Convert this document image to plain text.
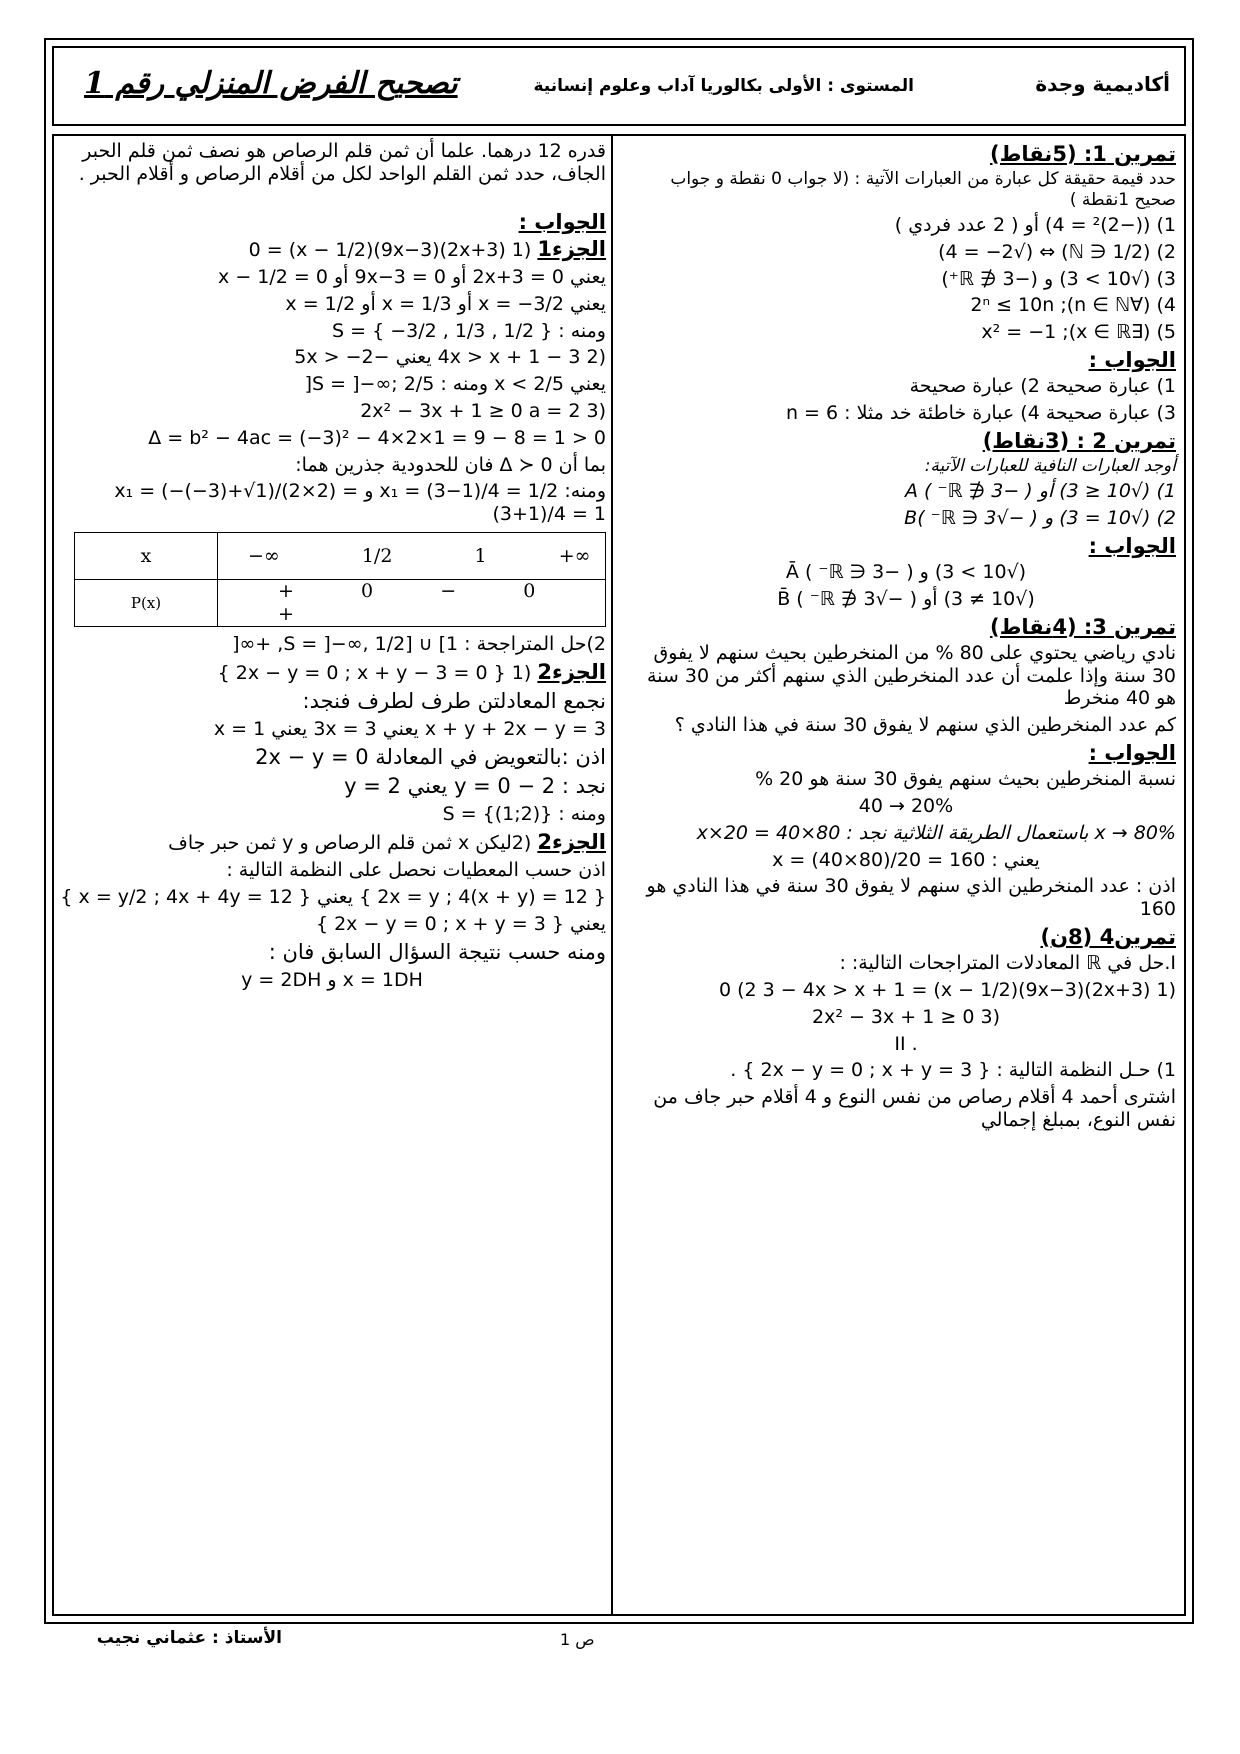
أكاديمية وجدة
المستوى : الأولى بكالوريا آداب وعلوم إنسانية
تصحيح الفرض المنزلي رقم 1
تمرين 1: (5نقاط)

حدد قيمة حقيقة كل عبارة من العبارات الآتية : (لا جواب 0 نقطة و جواب صحيح 1نقطة )

1) ((−2)² = 4) أو ( 2 عدد فردي )

2) (1/2 ∈ ℕ) ⇔ (√4 = −2)

3) (√10 > 3) و (−3 ∉ ℝ⁺)

4) (∀n ∈ ℕ); 2ⁿ ≤ 10n

5) (∃x ∈ ℝ); x² = −1

الجواب :

1) عبارة صحيحة 2) عبارة صحيحة

3) عبارة صحيحة 4) عبارة خاطئة خد مثلا : n = 6

تمرين 2 : (3نقاط)

أوجد العبارات النافية للعبارات الآتية:

1) (√10 ≤ 3) أو ( −3 ∉ ℝ⁻ ) A

2) (√10 = 3) و ( −√3 ∈ ℝ⁻ )B

الجواب :

(√10 > 3) و ( −3 ∈ ℝ⁻ ) Ā

(√10 ≠ 3) أو ( −√3 ∉ ℝ⁻ ) B̄

تمرين 3: (4نقاط)

نادي رياضي يحتوي على 80 % من المنخرطين بحيث سنهم لا يفوق 30 سنة وإذا علمت أن عدد المنخرطين الذي سنهم أكثر من 30 سنة هو 40 منخرط

كم عدد المنخرطين الذي سنهم لا يفوق 30 سنة في هذا النادي ؟

الجواب :

نسبة المنخرطين بحيث سنهم يفوق 30 سنة هو 20 %

20% → 40

x → 80% باستعمال الطريقة الثلاثية نجد : x×20 = 40×80

يعني : x = (40×80)/20 = 160

اذن : عدد المنخرطين الذي سنهم لا يفوق 30 سنة في هذا النادي هو 160

تمرين4 (8ن)

I.حل في ℝ المعادلات المتراجحات التالية: :

(1 (2x+3)(9x−3)(x − 1/2) = 0 (2 3 − 4x > x + 1

(3 2x² − 3x + 1 ≥ 0

. II

1) حـل النظمة التالية : { 2x − y = 0 ; x + y = 3 } .

اشترى أحمد 4 أقلام رصاص من نفس النوع و 4 أقلام حبر جاف من نفس النوع، بمبلغ إجمالي

قدره 12 درهما. علما أن ثمن قلم الرصاص هو نصف ثمن قلم الحبر الجاف، حدد ثمن القلم الواحد لكل من أقلام الرصاص و أقلام الحبر .

الجواب :

الجزء1 (1 (2x+3)(9x−3)(x − 1/2) = 0

يعني 2x+3 = 0 أو 9x−3 = 0 أو x − 1/2 = 0

يعني x = −3/2 أو x = 1/3 أو x = 1/2

ومنه : S = { −3/2 , 1/3 , 1/2 }

(2 3 − 4x > x + 1 يعني −5x > −2

يعني x < 2/5 ومنه : S = ]−∞; 2/5[

(3 2x² − 3x + 1 ≥ 0 a = 2

Δ = b² − 4ac = (−3)² − 4×2×1 = 9 − 8 = 1 > 0

بما أن Δ ≻ 0 فان للحدودية جذرين هما:

ومنه: x₁ = (3−1)/4 = 1/2 و x₁ = (−(−3)+√1)/(2×2) = (3+1)/4 = 1

x	−∞ 1/2 1 +∞
P(x)	+ 0 − 0  +

2)حل المتراجحة : S = ]−∞, 1/2] ∪ [1, +∞[

الجزء2 (1 { 2x − y = 0 ; x + y − 3 = 0 }

نجمع المعادلتن طرف لطرف فنجد:

x + y + 2x − y = 3 يعني 3x = 3 يعني x = 1

اذن :بالتعويض في المعادلة 2x − y = 0

نجد : 2 − y = 0 يعني y = 2

ومنه : S = {(1;2)}

الجزء2 (2ليكن x ثمن قلم الرصاص و y ثمن حبر جاف

اذن حسب المعطيات نحصل على النظمة التالية :

{ 2x = y ; 4(x + y) = 12 } يعني { x = y/2 ; 4x + 4y = 12 }

يعني { 2x − y = 0 ; x + y = 3 }

ومنه حسب نتيجة السؤال السابق فان :

x = 1DH و y = 2DH

الأستاذ : عثماني نجيب	ص 1
